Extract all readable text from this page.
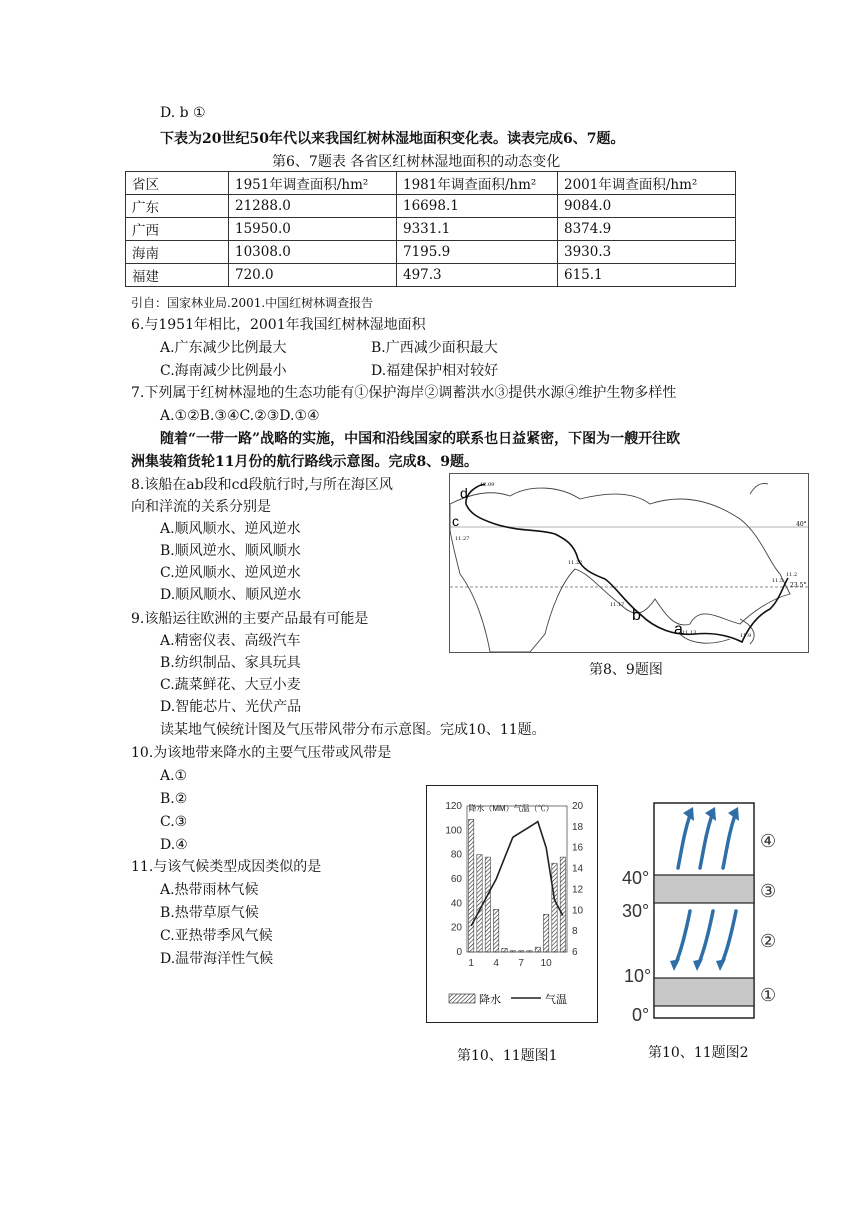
D. b ①
下表为20世纪50年代以来我国红树林湿地面积变化表。读表完成6、7题。
第6、7题表 各省区红树林湿地面积的动态变化
省区	1951年调查面积/hm²	1981年调查面积/hm²	2001年调查面积/hm²
广东	21288.0	16698.1	9084.0
广西	15950.0	9331.1	8374.9
海南	10308.0	7195.9	3930.3
福建	720.0	497.3	615.1
引自：国家林业局.2001.中国红树林调查报告
6.与1951年相比，2001年我国红树林湿地面积
A.广东减少比例最大	B.广西减少面积最大
C.海南减少比例最小	D.福建保护相对较好
7.下列属于红树林湿地的生态功能有①保护海岸②调蓄洪水③提供水源④维护生物多样性
A.①②B.③④C.②③D.①④
随着“一带一路”战略的实施，中国和沿线国家的联系也日益紧密，下图为一艘开往欧
洲集装箱货轮11月份的航行路线示意图。完成8、9题。
8.该船在ab段和cd段航行时,与所在海区风
向和洋流的关系分别是
A.顺风顺水、逆风逆水
B.顺风逆水、顺风顺水
C.逆风顺水、逆风逆水
D.顺风顺水、顺风逆水
9.该船运往欧洲的主要产品最有可能是
A.精密仪表、高级汽车
B.纺织制品、家具玩具
C.蔬菜鲜花、大豆小麦
D.智能芯片、光伏产品
d
c
b
a
40°
23.5°
12.09
11.27
11.22
11.17
11.13	11.9
11.5
11.2
第8、9题图
读某地气候统计图及气压带风带分布示意图。完成10、11题。
10.为该地带来降水的主要气压带或风带是
A.①
B.②
C.③
D.④
11.与该气候类型成因类似的是
A.热带雨林气候
B.热带草原气候
C.亚热带季风气候
D.温带海洋性气候
降水（MM）气温（℃）
0
20
40
60
80
100
120
6
8
10
12
14
16
18
20
1 4 7 10
降水	气温
第10、11题图1
0°
10°
30°
40°
①
②
③
④
第10、11题图2
